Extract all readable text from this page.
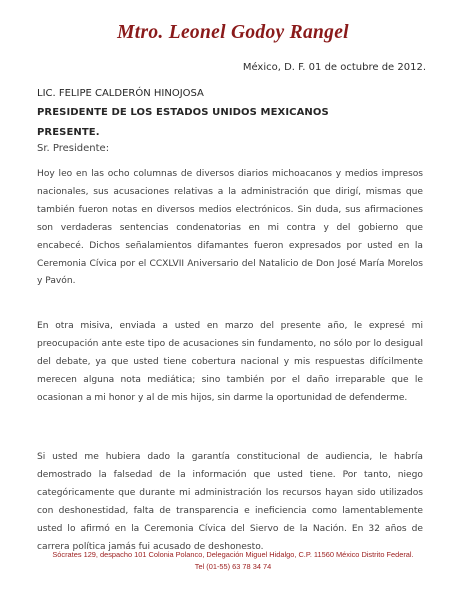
Mtro. Leonel Godoy Rangel
México, D. F. 01 de octubre de 2012.
LIC. FELIPE CALDERÓN HINOJOSA
PRESIDENTE DE LOS ESTADOS UNIDOS MEXICANOS
PRESENTE.
Sr. Presidente:

Hoy leo en las ocho columnas de diversos diarios michoacanos y medios impresos nacionales, sus acusaciones relativas a la administración que dirigí, mismas que también fueron notas en diversos medios electrónicos. Sin duda, sus afirmaciones son verdaderas sentencias condenatorias en mi contra y del gobierno que encabecé. Dichos señalamientos difamantes fueron expresados por usted en la Ceremonia Cívica por el CCXLVII Aniversario del Natalicio de Don José María Morelos y Pavón.

En otra misiva, enviada a usted en marzo del presente año, le expresé mi preocupación ante este tipo de acusaciones sin fundamento, no sólo por lo desigual del debate, ya que usted tiene cobertura nacional y mis respuestas difícilmente merecen alguna nota mediática; sino también por el daño irreparable que le ocasionan a mi honor y al de mis hijos, sin darme la oportunidad de defenderme.

Si usted me hubiera dado la garantía constitucional de audiencia, le habría demostrado la falsedad de la información que usted tiene. Por tanto, niego categóricamente que durante mi administración los recursos hayan sido utilizados con deshonestidad, falta de transparencia e ineficiencia como lamentablemente usted lo afirmó en la Ceremonia Cívica del Siervo de la Nación. En 32 años de carrera política jamás fui acusado de deshonesto.

Sócrates 129, despacho 101 Colonia Polanco, Delegación Miguel Hidalgo, C.P. 11560 México Distrito Federal.
Tel (01-55) 63 78 34 74
